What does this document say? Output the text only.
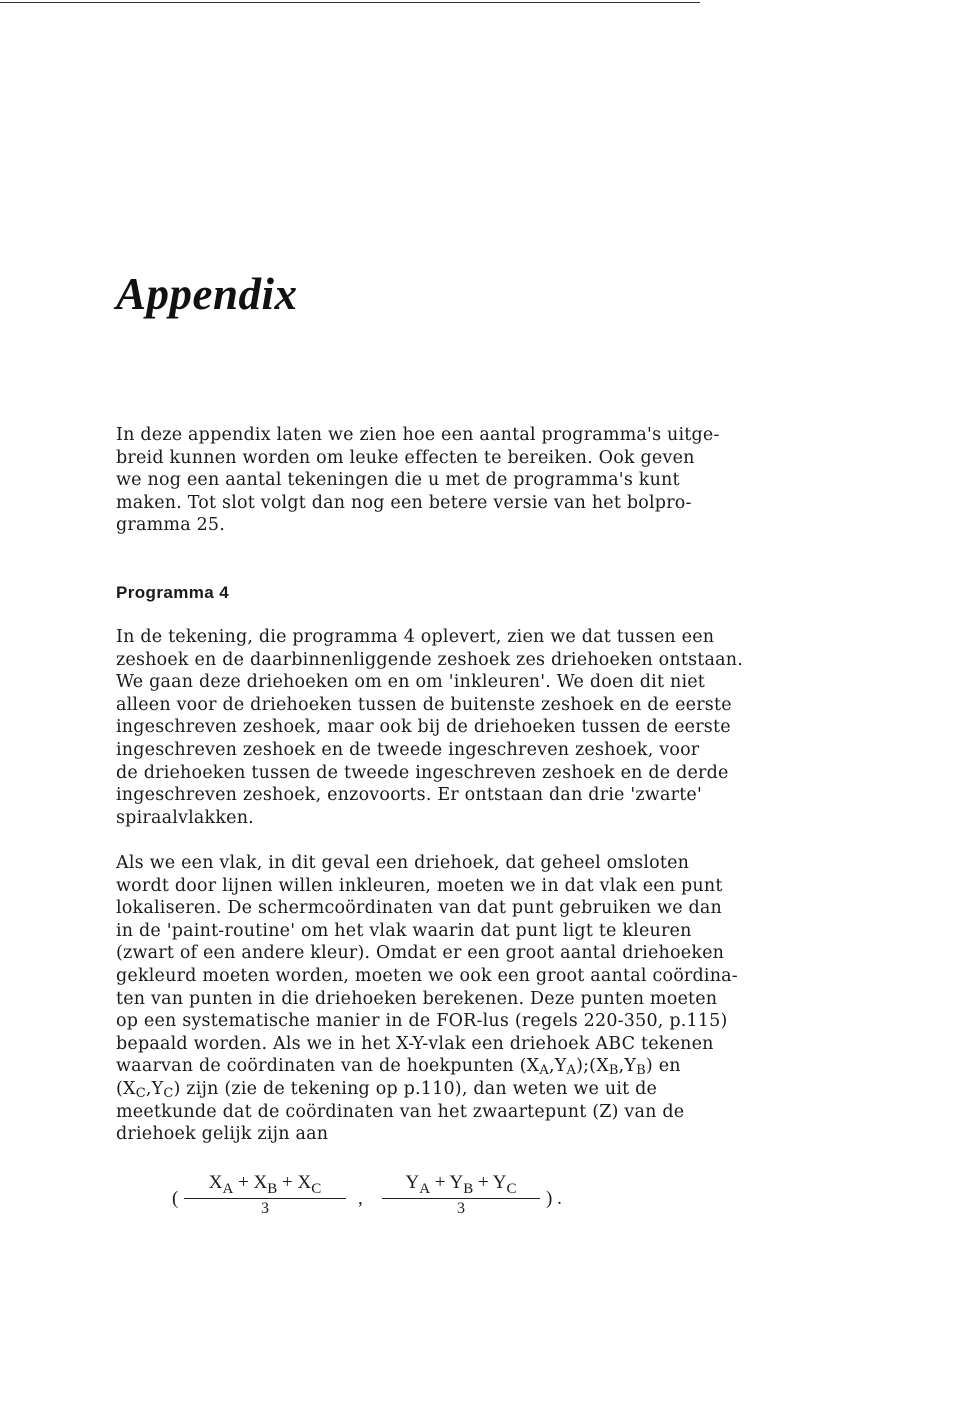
Appendix
In deze appendix laten we zien hoe een aantal programma's uitge-
breid kunnen worden om leuke effecten te bereiken. Ook geven
we nog een aantal tekeningen die u met de programma's kunt
maken. Tot slot volgt dan nog een betere versie van het bolpro-
gramma 25.
Programma 4
In de tekening, die programma 4 oplevert, zien we dat tussen een
zeshoek en de daarbinnenliggende zeshoek zes driehoeken ontstaan.
We gaan deze driehoeken om en om 'inkleuren'. We doen dit niet
alleen voor de driehoeken tussen de buitenste zeshoek en de eerste
ingeschreven zeshoek, maar ook bij de driehoeken tussen de eerste
ingeschreven zeshoek en de tweede ingeschreven zeshoek, voor
de driehoeken tussen de tweede ingeschreven zeshoek en de derde
ingeschreven zeshoek, enzovoorts. Er ontstaan dan drie 'zwarte'
spiraalvlakken.
Als we een vlak, in dit geval een driehoek, dat geheel omsloten
wordt door lijnen willen inkleuren, moeten we in dat vlak een punt
lokaliseren. De schermcoördinaten van dat punt gebruiken we dan
in de 'paint-routine' om het vlak waarin dat punt ligt te kleuren
(zwart of een andere kleur). Omdat er een groot aantal driehoeken
gekleurd moeten worden, moeten we ook een groot aantal coördina-
ten van punten in die driehoeken berekenen. Deze punten moeten
op een systematische manier in de FOR-lus (regels 220-350, p.115)
bepaald worden. Als we in het X-Y-vlak een driehoek ABC tekenen
waarvan de coördinaten van de hoekpunten $(X_A,Y_A);(X_B,Y_B)$ en
$(X_C,Y_C)$ zijn (zie de tekening op p.110), dan weten we uit de
meetkunde dat de coördinaten van het zwaartepunt (Z) van de
driehoek gelijk zijn aan
(
$X_A + X_B + X_C$
3	,
$Y_A + Y_B + Y_C$
3	) .
